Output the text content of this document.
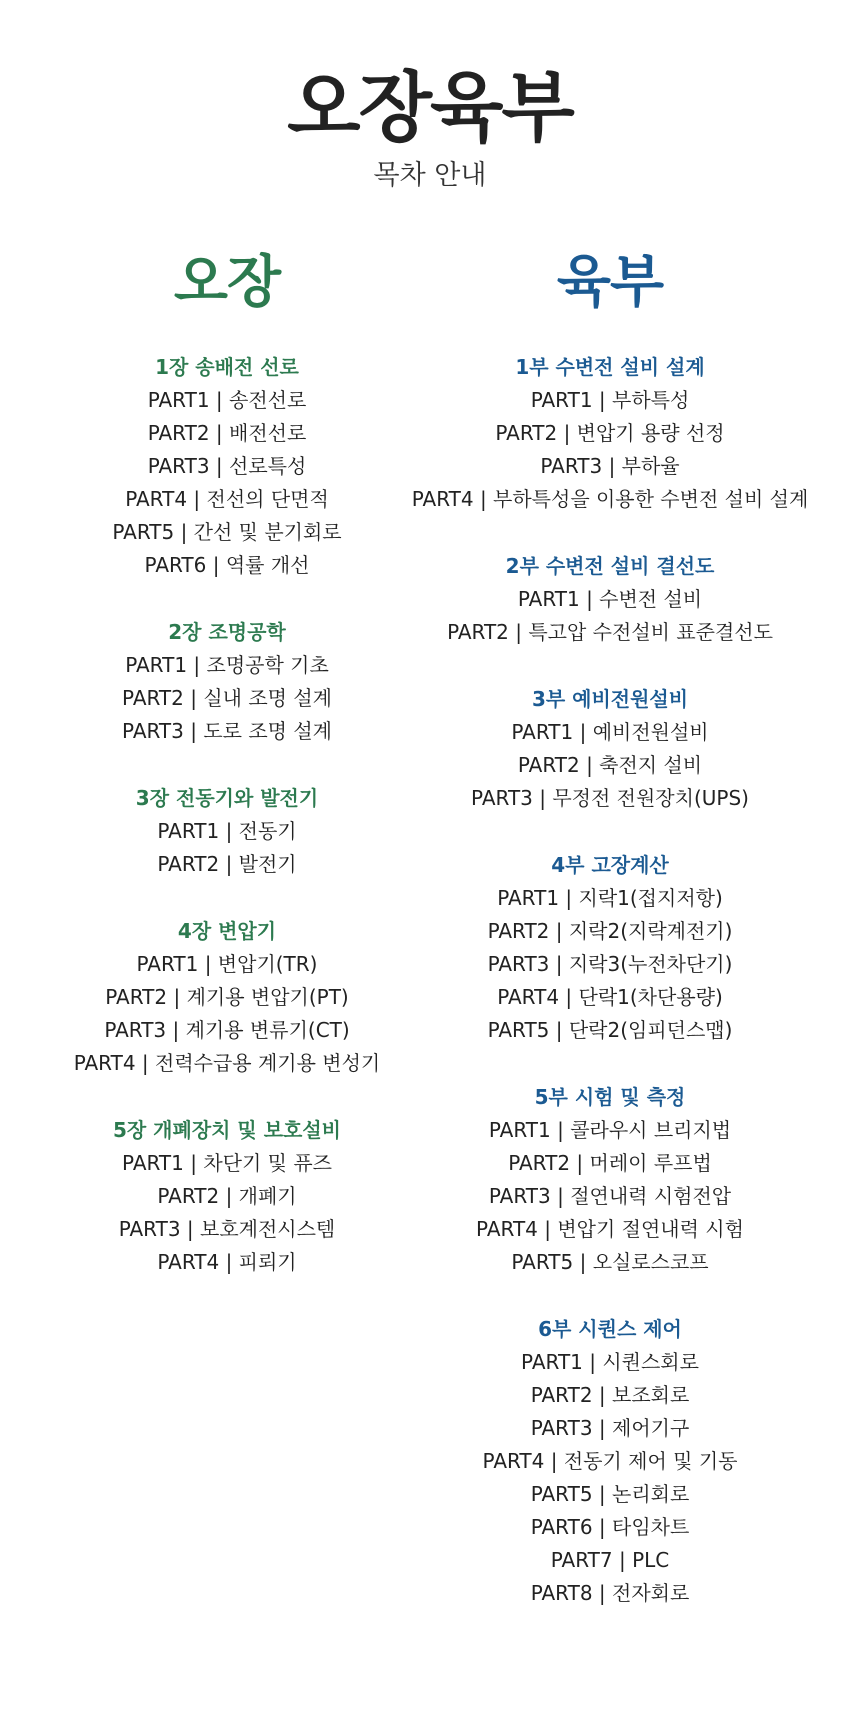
오장육부
목차 안내
오장
1장 송배전 선로
PART1 | 송전선로
PART2 | 배전선로
PART3 | 선로특성
PART4 | 전선의 단면적
PART5 | 간선 및 분기회로
PART6 | 역률 개선
2장 조명공학
PART1 | 조명공학 기초
PART2 | 실내 조명 설계
PART3 | 도로 조명 설계
3장 전동기와 발전기
PART1 | 전동기
PART2 | 발전기
4장 변압기
PART1 | 변압기(TR)
PART2 | 계기용 변압기(PT)
PART3 | 계기용 변류기(CT)
PART4 | 전력수급용 계기용 변성기
5장 개폐장치 및 보호설비
PART1 | 차단기 및 퓨즈
PART2 | 개폐기
PART3 | 보호계전시스템
PART4 | 피뢰기
육부
1부 수변전 설비 설계
PART1 | 부하특성
PART2 | 변압기 용량 선정
PART3 | 부하율
PART4 | 부하특성을 이용한 수변전 설비 설계
2부 수변전 설비 결선도
PART1 | 수변전 설비
PART2 | 특고압 수전설비 표준결선도
3부 예비전원설비
PART1 | 예비전원설비
PART2 | 축전지 설비
PART3 | 무정전 전원장치(UPS)
4부 고장계산
PART1 | 지락1(접지저항)
PART2 | 지락2(지락계전기)
PART3 | 지락3(누전차단기)
PART4 | 단락1(차단용량)
PART5 | 단락2(임피던스맵)
5부 시험 및 측정
PART1 | 콜라우시 브리지법
PART2 | 머레이 루프법
PART3 | 절연내력 시험전압
PART4 | 변압기 절연내력 시험
PART5 | 오실로스코프
6부 시퀀스 제어
PART1 | 시퀀스회로
PART2 | 보조회로
PART3 | 제어기구
PART4 | 전동기 제어 및 기동
PART5 | 논리회로
PART6 | 타임차트
PART7 | PLC
PART8 | 전자회로
